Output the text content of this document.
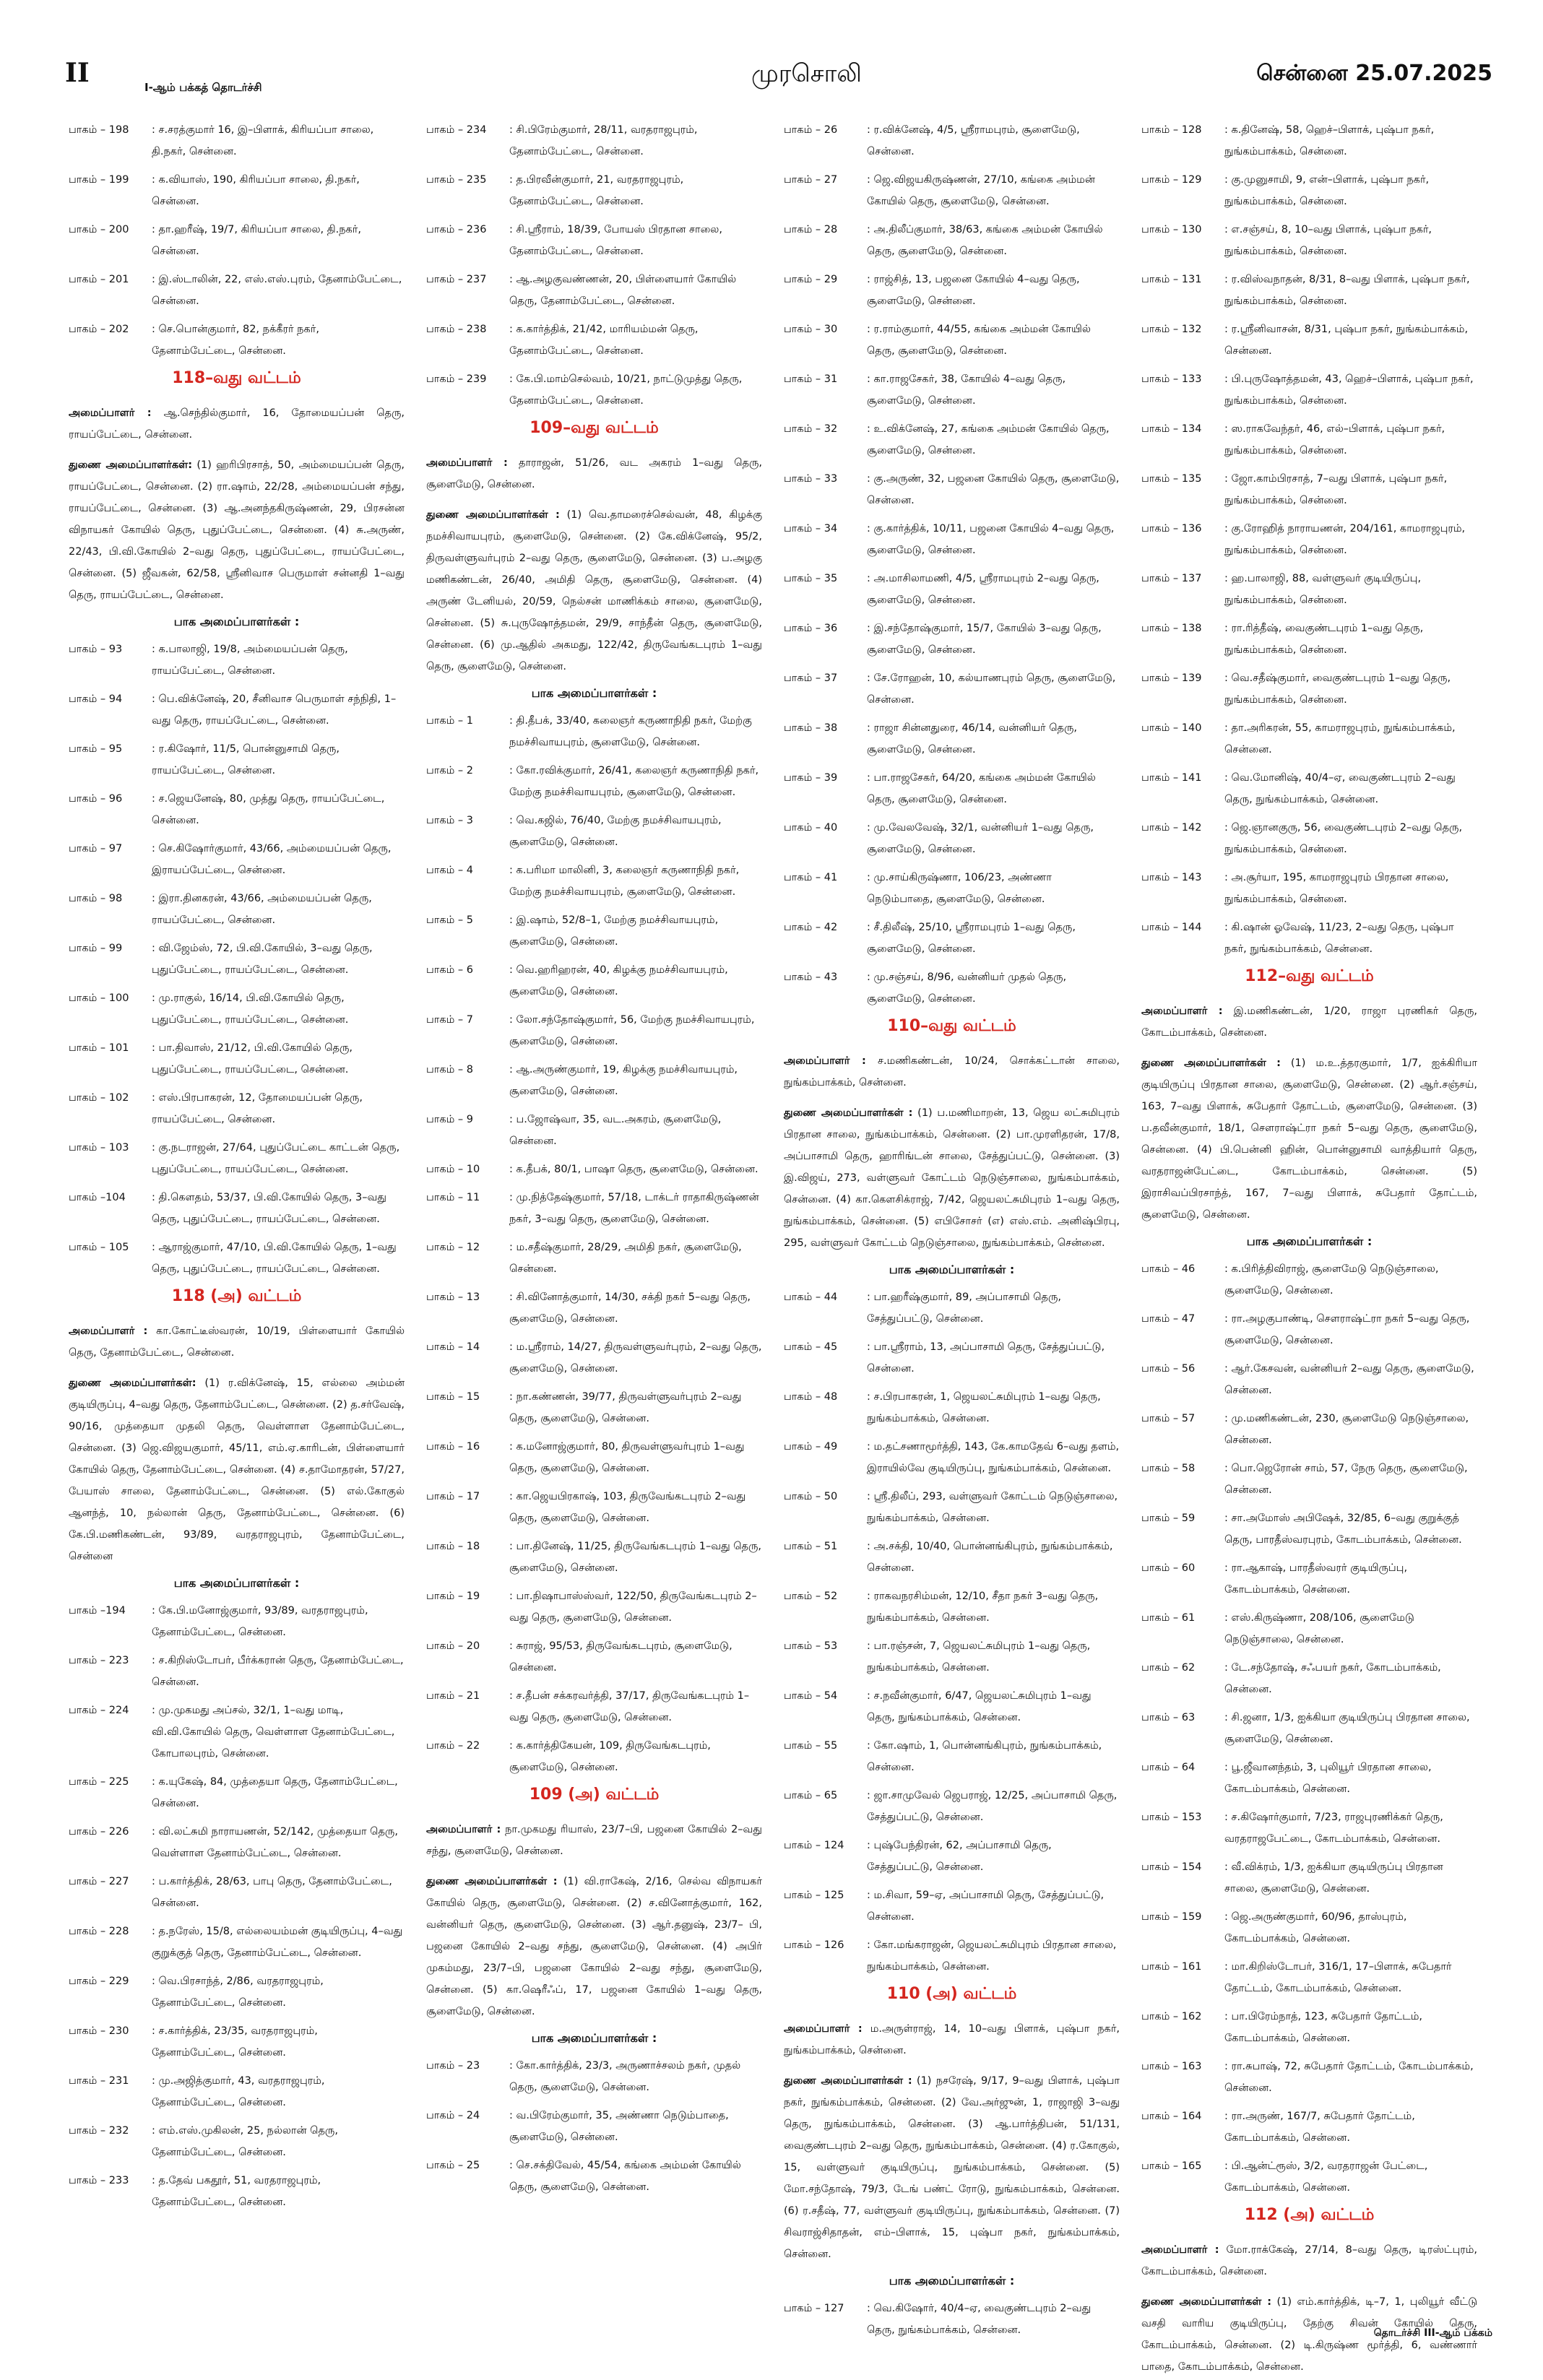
II	I-ஆம் பக்கத் தொடர்ச்சி	முரசொலி	சென்னை 25.07.2025
பாகம் – 198	: ச.சரத்குமார் 16, இ–பிளாக், கிரியப்பா சாலை, தி.நகர், சென்னை.
பாகம் – 199	: க.வியாஸ், 190, கிரியப்பா சாலை, தி.நகர், சென்னை.
பாகம் – 200	: தா.ஹரீஷ், 19/7, கிரியப்பா சாலை, தி.நகர், சென்னை.
பாகம் – 201	: இ.ஸ்டாலின், 22, எஸ்.எஸ்.புரம், தேனாம்பேட்டை, சென்னை.
பாகம் – 202	: செ.பொன்குமார், 82, நக்கீரர் நகர், தேனாம்பேட்டை, சென்னை.
118–வது வட்டம்
அமைப்பாளர் : ஆ.செந்தில்குமார், 16, தோமையப்பன் தெரு, ராயப்பேட்டை, சென்னை.
துணை அமைப்பாளர்கள்: (1) ஹரிபிரசாத், 50, அம்மையப்பன் தெரு, ராயப்பேட்டை, சென்னை. (2) ரா.ஷாம், 22/28, அம்மையப்பன் சந்து, ராயப்பேட்டை, சென்னை. (3) ஆ.அனந்தகிருஷ்ணன், 29, பிரசன்ன விநாயகர் கோயில் தெரு, புதுப்பேட்டை, சென்னை. (4) சு.அருண், 22/43, பி.வி.கோயில் 2–வது தெரு, புதுப்பேட்டை, ராயப்பேட்டை, சென்னை. (5) ஜீவகன், 62/58, ஸ்ரீனிவாச பெருமாள் சன்னதி 1–வது தெரு, ராயப்பேட்டை, சென்னை.
பாக அமைப்பாளர்கள் :
பாகம் – 93	: க.பாலாஜி, 19/8, அம்மையப்பன் தெரு, ராயப்பேட்டை, சென்னை.
பாகம் – 94	: பெ.விக்னேஷ், 20, சீனிவாச பெருமாள் சந்நிதி, 1–வது தெரு, ராயப்பேட்டை, சென்னை.
பாகம் – 95	: ர.கிஷோர், 11/5, பொன்னுசாமி தெரு, ராயப்பேட்டை, சென்னை.
பாகம் – 96	: ச.ஜெயனேஷ், 80, முத்து தெரு, ராயப்பேட்டை, சென்னை.
பாகம் – 97	: செ.கிஷோர்குமார், 43/66, அம்மையப்பன் தெரு, இராயப்பேட்டை, சென்னை.
பாகம் – 98	: இரா.தினகரன், 43/66, அம்மையப்பன் தெரு, ராயப்பேட்டை, சென்னை.
பாகம் – 99	: வி.ஜேம்ஸ், 72, பி.வி.கோயில், 3–வது தெரு, புதுப்பேட்டை, ராயப்பேட்டை, சென்னை.
பாகம் – 100	: மு.ராகுல், 16/14, பி.வி.கோயில் தெரு, புதுப்பேட்டை, ராயப்பேட்டை, சென்னை.
பாகம் – 101	: பா.திவாஸ், 21/12, பி.வி.கோயில் தெரு, புதுப்பேட்டை, ராயப்பேட்டை, சென்னை.
பாகம் – 102	: எஸ்.பிரபாகரன், 12, தோமையப்பன் தெரு, ராயப்பேட்டை, சென்னை.
பாகம் – 103	: கு.நடராஜன், 27/64, புதுப்பேட்டை காட்டன் தெரு, புதுப்பேட்டை, ராயப்பேட்டை, சென்னை.
பாகம் –104	: தி.கௌதம், 53/37, பி.வி.கோயில் தெரு, 3–வது தெரு, புதுப்பேட்டை, ராயப்பேட்டை, சென்னை.
பாகம் – 105	: ஆராஜ்குமார், 47/10, பி.வி.கோயில் தெரு, 1–வது தெரு, புதுப்பேட்டை, ராயப்பேட்டை, சென்னை.
118 (அ) வட்டம்
அமைப்பாளர் : கா.கோட்டீஸ்வரன், 10/19, பிள்ளையார் கோயில் தெரு, தேனாம்பேட்டை, சென்னை.
துணை அமைப்பாளர்கள்: (1) ர.விக்னேஷ், 15, எல்லை அம்மன் குடியிருப்பு, 4–வது தெரு, தேனாம்பேட்டை, சென்னை. (2) த.சர்வேஷ், 90/16, முத்தையா முதலி தெரு, வெள்ளாள தேனாம்பேட்டை, சென்னை. (3) ஜெ.விஜயகுமார், 45/11, எம்.ஏ.காரிடன், பிள்ளையார் கோயில் தெரு, தேனாம்பேட்டை, சென்னை. (4) ச.தாமோதரன், 57/27, பேயாஸ் சாலை, தேனாம்பேட்டை, சென்னை. (5) எல்.கோகுல் ஆனந்த், 10, நல்லான் தெரு, தேனாம்பேட்டை, சென்னை. (6) கே.பி.மணிகண்டன், 93/89, வரதராஜபுரம், தேனாம்பேட்டை, சென்னை
பாக அமைப்பாளர்கள் :
பாகம் –194	: கே.பி.மனோஜ்குமார், 93/89, வரதராஜபுரம், தேனாம்பேட்டை, சென்னை.
பாகம் – 223	: ச.கிறிஸ்டோபர், பீர்க்கரான் தெரு, தேனாம்பேட்டை, சென்னை.
பாகம் – 224	: மு.முகமது அப்சல், 32/1, 1–வது மாடி, வி.வி.கோயில் தெரு, வெள்ளாள தேனாம்பேட்டை, கோபாலபுரம், சென்னை.
பாகம் – 225	: க.யுகேஷ், 84, முத்தையா தெரு, தேனாம்பேட்டை, சென்னை.
பாகம் – 226	: வி.லட்சுமி நாராயணன், 52/142, முத்தையா தெரு, வெள்ளாள தேனாம்பேட்டை, சென்னை.
பாகம் – 227	: ப.கார்த்திக், 28/63, பாபு தெரு, தேனாம்பேட்டை, சென்னை.
பாகம் – 228	: த.நரேஸ், 15/8, எல்லையம்மன் குடியிருப்பு, 4–வது குறுக்குத் தெரு, தேனாம்பேட்டை, சென்னை.
பாகம் – 229	: வெ.பிரசாந்த், 2/86, வரதராஜபுரம், தேனாம்பேட்டை, சென்னை.
பாகம் – 230	: ச.கார்த்திக், 23/35, வரதராஜபுரம், தேனாம்பேட்டை, சென்னை.
பாகம் – 231	: மு.அஜித்குமார், 43, வரதராஜபுரம், தேனாம்பேட்டை, சென்னை.
பாகம் – 232	: எம்.எஸ்.முகிலன், 25, நல்லான் தெரு, தேனாம்பேட்டை, சென்னை.
பாகம் – 233	: த.தேவ் பகதூர், 51, வரதராஜபுரம், தேனாம்பேட்டை, சென்னை.
பாகம் – 234	: சி.பிரேம்குமார், 28/11, வரதராஜபுரம், தேனாம்பேட்டை, சென்னை.
பாகம் – 235	: த.பிரவீன்குமார், 21, வரதராஜபுரம், தேனாம்பேட்டை, சென்னை.
பாகம் – 236	: சி.ஸ்ரீராம், 18/39, போயஸ் பிரதான சாலை, தேனாம்பேட்டை, சென்னை.
பாகம் – 237	: ஆ.அழகுவண்ணன், 20, பிள்ளையார் கோயில் தெரு, தேனாம்பேட்டை, சென்னை.
பாகம் – 238	: க.கார்த்திக், 21/42, மாரியம்மன் தெரு, தேனாம்பேட்டை, சென்னை.
பாகம் – 239	: கே.பி.மாம்செல்வம், 10/21, நாட்டுமுத்து தெரு, தேனாம்பேட்டை, சென்னை.
109–வது வட்டம்
அமைப்பாளர் : தாராஜன், 51/26, வட அகரம் 1–வது தெரு, சூளைமேடு, சென்னை.
துணை அமைப்பாளர்கள் : (1) வெ.தாமரைச்செல்வன், 48, கிழக்கு நமச்சிவாயபுரம், சூளைமேடு, சென்னை. (2) கே.விக்னேஷ், 95/2, திருவள்ளுவர்புரம் 2–வது தெரு, சூளைமேடு, சென்னை. (3) ப.அழகு மணிகண்டன், 26/40, அமிதி தெரு, சூளைமேடு, சென்னை. (4) அருண் டேனியல், 20/59, நெல்சன் மாணிக்கம் சாலை, சூளைமேடு, சென்னை. (5) சு.புருஷோத்தமன், 29/9, சாந்தீன் தெரு, சூளைமேடு, சென்னை. (6) மு.ஆதில் அகமது, 122/42, திருவேங்கடபுரம் 1–வது தெரு, சூளைமேடு, சென்னை.
பாக அமைப்பாளர்கள் :
பாகம் – 1	: தி.தீபக், 33/40, கலைஞர் கருணாநிதி நகர், மேற்கு நமச்சிவாயபுரம், சூளைமேடு, சென்னை.
பாகம் – 2	: கோ.ரவிக்குமார், 26/41, கலைஞர் கருணாநிதி நகர், மேற்கு நமச்சிவாயபுரம், சூளைமேடு, சென்னை.
பாகம் – 3	: வெ.கஜில், 76/40, மேற்கு நமச்சிவாயபுரம், சூளைமேடு, சென்னை.
பாகம் – 4	: க.பரிமா மாலினி, 3, கலைஞர் கருணாநிதி நகர், மேற்கு நமச்சிவாயபுரம், சூளைமேடு, சென்னை.
பாகம் – 5	: இ.ஷாம், 52/8–1, மேற்கு நமச்சிவாயபுரம், சூளைமேடு, சென்னை.
பாகம் – 6	: வெ.ஹரிஹரன், 40, கிழக்கு நமச்சிவாயபுரம், சூளைமேடு, சென்னை.
பாகம் – 7	: லோ.சந்தோஷ்குமார், 56, மேற்கு நமச்சிவாயபுரம், சூளைமேடு, சென்னை.
பாகம் – 8	: ஆ.அருண்குமார், 19, கிழக்கு நமச்சிவாயபுரம், சூளைமேடு, சென்னை.
பாகம் – 9	: ப.ஜோஷ்வா, 35, வட.அகரம், சூளைமேடு, சென்னை.
பாகம் – 10	: க.தீபக், 80/1, பாஷா தெரு, சூளைமேடு, சென்னை.
பாகம் – 11	: மு.நித்தேஷ்குமார், 57/18, டாக்டர் ராதாகிருஷ்ணன் நகர், 3–வது தெரு, சூளைமேடு, சென்னை.
பாகம் – 12	: ம.சதீஷ்குமார், 28/29, அமிதி நகர், சூளைமேடு, சென்னை.
பாகம் – 13	: சி.வினோத்குமார், 14/30, சக்தி நகர் 5–வது தெரு, சூளைமேடு, சென்னை.
பாகம் – 14	: ம.ஸ்ரீராம், 14/27, திருவள்ளுவர்புரம், 2–வது தெரு, சூளைமேடு, சென்னை.
பாகம் – 15	: நா.கண்ணன், 39/77, திருவள்ளுவர்புரம் 2–வது தெரு, சூளைமேடு, சென்னை.
பாகம் – 16	: க.மனோஜ்குமார், 80, திருவள்ளுவர்புரம் 1–வது தெரு, சூளைமேடு, சென்னை.
பாகம் – 17	: கா.ஜெயபிரகாஷ், 103, திருவேங்கடபுரம் 2–வது தெரு, சூளைமேடு, சென்னை.
பாகம் – 18	: பா.தினேஷ், 11/25, திருவேங்கடபுரம் 1–வது தெரு, சூளைமேடு, சென்னை.
பாகம் – 19	: பா.நிஷாபாஸ்ஸ்வர், 122/50, திருவேங்கடபுரம் 2–வது தெரு, சூளைமேடு, சென்னை.
பாகம் – 20	: சுராஜ், 95/53, திருவேங்கடபுரம், சூளைமேடு, சென்னை.
பாகம் – 21	: ச.தீபன் சக்கரவர்த்தி, 37/17, திருவேங்கடபுரம் 1–வது தெரு, சூளைமேடு, சென்னை.
பாகம் – 22	: க.கார்த்திகேயன், 109, திருவேங்கடபுரம், சூளைமேடு, சென்னை.
109 (அ) வட்டம்
அமைப்பாளர் : நா.முகமது ரியாஸ், 23/7–பி, பஜனை கோயில் 2–வது சந்து, சூளைமேடு, சென்னை.
துணை அமைப்பாளர்கள் : (1) வி.ராகேஷ், 2/16, செல்வ விநாயகர் கோயில் தெரு, சூளைமேடு, சென்னை. (2) ச.வினோத்குமார், 162, வன்னியர் தெரு, சூளைமேடு, சென்னை. (3) ஆர்.தனுஷ், 23/7– பி, பஜனை கோயில் 2–வது சந்து, சூளைமேடு, சென்னை. (4) அபிர் முகம்மது, 23/7–பி, பஜனை கோயில் 2–வது சந்து, சூளைமேடு, சென்னை. (5) கா.ஷெரீஃப், 17, பஜனை கோயில் 1–வது தெரு, சூளைமேடு, சென்னை.
பாக அமைப்பாளர்கள் :
பாகம் – 23	: கோ.கார்த்திக், 23/3, அருணாச்சலம் நகர், முதல் தெரு, சூளைமேடு, சென்னை.
பாகம் – 24	: வ.பிரேம்குமார், 35, அண்ணா நெடும்பாதை, சூளைமேடு, சென்னை.
பாகம் – 25	: செ.சக்திவேல், 45/54, கங்கை அம்மன் கோயில் தெரு, சூளைமேடு, சென்னை.
பாகம் – 26	: ர.விக்னேஷ், 4/5, ஸ்ரீராமபுரம், சூளைமேடு, சென்னை.
பாகம் – 27	: ஜெ.விஜயகிருஷ்ணன், 27/10, கங்கை அம்மன் கோயில் தெரு, சூளைமேடு, சென்னை.
பாகம் – 28	: அ.திலீப்குமார், 38/63, கங்கை அம்மன் கோயில் தெரு, சூளைமேடு, சென்னை.
பாகம் – 29	: ராஜ்சித், 13, பஜனை கோயில் 4–வது தெரு, சூளைமேடு, சென்னை.
பாகம் – 30	: ர.ராம்குமார், 44/55, கங்கை அம்மன் கோயில் தெரு, சூளைமேடு, சென்னை.
பாகம் – 31	: கா.ராஜசேகர், 38, கோயில் 4–வது தெரு, சூளைமேடு, சென்னை.
பாகம் – 32	: உ.விக்னேஷ், 27, கங்கை அம்மன் கோயில் தெரு, சூளைமேடு, சென்னை.
பாகம் – 33	: கு.அருண், 32, பஜனை கோயில் தெரு, சூளைமேடு, சென்னை.
பாகம் – 34	: கு.கார்த்திக், 10/11, பஜனை கோயில் 4–வது தெரு, சூளைமேடு, சென்னை.
பாகம் – 35	: அ.மாசிலாமணி, 4/5, ஸ்ரீராமபுரம் 2–வது தெரு, சூளைமேடு, சென்னை.
பாகம் – 36	: இ.சந்தோஷ்குமார், 15/7, கோயில் 3–வது தெரு, சூளைமேடு, சென்னை.
பாகம் – 37	: சே.ரோஹன், 10, கல்யாணபுரம் தெரு, சூளைமேடு, சென்னை.
பாகம் – 38	: ராஜா சின்னதுரை, 46/14, வன்னியர் தெரு, சூளைமேடு, சென்னை.
பாகம் – 39	: பா.ராஜசேகர், 64/20, கங்கை அம்மன் கோயில் தெரு, சூளைமேடு, சென்னை.
பாகம் – 40	: மு.வேலவேஷ், 32/1, வன்னியர் 1–வது தெரு, சூளைமேடு, சென்னை.
பாகம் – 41	: மு.சாய்கிருஷ்ணா, 106/23, அண்ணா நெடும்பாதை, சூளைமேடு, சென்னை.
பாகம் – 42	: சீ.திலீஷ், 25/10, ஸ்ரீராமபுரம் 1–வது தெரு, சூளைமேடு, சென்னை.
பாகம் – 43	: மு.சஞ்சய், 8/96, வன்னியர் முதல் தெரு, சூளைமேடு, சென்னை.
110–வது வட்டம்
அமைப்பாளர் : ச.மணிகண்டன், 10/24, சொக்கட்டான் சாலை, நுங்கம்பாக்கம், சென்னை.
துணை அமைப்பாளர்கள் : (1) ப.மணிமாறன், 13, ஜெய லட்சுமிபுரம் பிரதான சாலை, நுங்கம்பாக்கம், சென்னை. (2) பா.முரளிதரன், 17/8, அப்பாசாமி தெரு, ஹாரிங்டன் சாலை, சேத்துப்பட்டு, சென்னை. (3) இ.விஜய், 273, வள்ளுவர் கோட்டம் நெடுஞ்சாலை, நுங்கம்பாக்கம், சென்னை. (4) கா.கௌசிக்ராஜ், 7/42, ஜெயலட்சுமிபுரம் 1–வது தெரு, நுங்கம்பாக்கம், சென்னை. (5) எபிசோசர் (எ) எஸ்.எம். அனிஷ்பிரபு, 295, வள்ளுவர் கோட்டம் நெடுஞ்சாலை, நுங்கம்பாக்கம், சென்னை.
பாக அமைப்பாளர்கள் :
பாகம் – 44	: பா.ஹரீஷ்குமார், 89, அப்பாசாமி தெரு, சேத்துப்பட்டு, சென்னை.
பாகம் – 45	: பா.ஸ்ரீராம், 13, அப்பாசாமி தெரு, சேத்துப்பட்டு, சென்னை.
பாகம் – 48	: ச.பிரபாகரன், 1, ஜெயலட்சுமிபுரம் 1–வது தெரு, நுங்கம்பாக்கம், சென்னை.
பாகம் – 49	: ம.தட்சணாமூர்த்தி, 143, கே.காமதேவ் 6–வது தளம், இராயில்வே குடியிருப்பு, நுங்கம்பாக்கம், சென்னை.
பாகம் – 50	: ஸ்ரீ.திலீப், 293, வள்ளுவர் கோட்டம் நெடுஞ்சாலை, நுங்கம்பாக்கம், சென்னை.
பாகம் – 51	: அ.சக்தி, 10/40, பொன்னங்கிபுரம், நுங்கம்பாக்கம், சென்னை.
பாகம் – 52	: ராகவநரசிம்மன், 12/10, சீதா நகர் 3–வது தெரு, நுங்கம்பாக்கம், சென்னை.
பாகம் – 53	: பா.ரஞ்சன், 7, ஜெயலட்சுமிபுரம் 1–வது தெரு, நுங்கம்பாக்கம், சென்னை.
பாகம் – 54	: ச.நவீன்குமார், 6/47, ஜெயலட்சுமிபுரம் 1–வது தெரு, நுங்கம்பாக்கம், சென்னை.
பாகம் – 55	: கோ.ஷாம், 1, பொன்னங்கிபுரம், நுங்கம்பாக்கம், சென்னை.
பாகம் – 65	: ஜா.சாமுவேல் ஜெபராஜ், 12/25, அப்பாசாமி தெரு, சேத்துப்பட்டு, சென்னை.
பாகம் – 124	: புஷ்பேந்திரன், 62, அப்பாசாமி தெரு, சேத்துப்பட்டு, சென்னை.
பாகம் – 125	: ம.சிவா, 59–ஏ, அப்பாசாமி தெரு, சேத்துப்பட்டு, சென்னை.
பாகம் – 126	: கோ.மங்கராஜன், ஜெயலட்சுமிபுரம் பிரதான சாலை, நுங்கம்பாக்கம், சென்னை.
110 (அ) வட்டம்
அமைப்பாளர் : ம.அருள்ராஜ், 14, 10–வது பிளாக், புஷ்பா நகர், நுங்கம்பாக்கம், சென்னை.
துணை அமைப்பாளர்கள் : (1) நசரேஷ், 9/17, 9–வது பிளாக், புஷ்பா நகர், நுங்கம்பாக்கம், சென்னை. (2) வே.அர்ஜுன், 1, ராஜாஜி 3–வது தெரு, நுங்கம்பாக்கம், சென்னை. (3) ஆ.பார்த்திபன், 51/131, வைகுண்டபுரம் 2–வது தெரு, நுங்கம்பாக்கம், சென்னை. (4) ர.கோகுல், 15, வள்ளுவர் குடியிருப்பு, நுங்கம்பாக்கம், சென்னை. (5) மோ.சந்தோஷ், 79/3, டேங் பண்ட் ரோடு, நுங்கம்பாக்கம், சென்னை. (6) ர.சதீஷ், 77, வள்ளுவர் குடியிருப்பு, நுங்கம்பாக்கம், சென்னை. (7) சிவராஜ்சிதாதன், எம்–பிளாக், 15, புஷ்பா நகர், நுங்கம்பாக்கம், சென்னை.
பாக அமைப்பாளர்கள் :
பாகம் – 127	: வெ.கிஷோர், 40/4–ஏ, வைகுண்டபுரம் 2–வது தெரு, நுங்கம்பாக்கம், சென்னை.
பாகம் – 128	: க.தினேஷ், 58, ஹெச்–பிளாக், புஷ்பா நகர், நுங்கம்பாக்கம், சென்னை.
பாகம் – 129	: கு.முனுசாமி, 9, என்–பிளாக், புஷ்பா நகர், நுங்கம்பாக்கம், சென்னை.
பாகம் – 130	: எ.சஞ்சய், 8, 10–வது பிளாக், புஷ்பா நகர், நுங்கம்பாக்கம், சென்னை.
பாகம் – 131	: ர.விஸ்வநாதன், 8/31, 8–வது பிளாக், புஷ்பா நகர், நுங்கம்பாக்கம், சென்னை.
பாகம் – 132	: ர.ஸ்ரீனிவாசன், 8/31, புஷ்பா நகர், நுங்கம்பாக்கம், சென்னை.
பாகம் – 133	: பி.புருஷோத்தமன், 43, ஹெச்–பிளாக், புஷ்பா நகர், நுங்கம்பாக்கம், சென்னை.
பாகம் – 134	: ஸ.ராகவேந்தர், 46, எல்–பிளாக், புஷ்பா நகர், நுங்கம்பாக்கம், சென்னை.
பாகம் – 135	: ஜோ.காம்பிரசாத், 7–வது பிளாக், புஷ்பா நகர், நுங்கம்பாக்கம், சென்னை.
பாகம் – 136	: கு.ரோஹித் நாராயணன், 204/161, காமராஜபுரம், நுங்கம்பாக்கம், சென்னை.
பாகம் – 137	: ஹ.பாலாஜி, 88, வள்ளுவர் குடியிருப்பு, நுங்கம்பாக்கம், சென்னை.
பாகம் – 138	: ரா.ரித்தீஷ், வைகுண்டபுரம் 1–வது தெரு, நுங்கம்பாக்கம், சென்னை.
பாகம் – 139	: வெ.சதீஷ்குமார், வைகுண்டபுரம் 1–வது தெரு, நுங்கம்பாக்கம், சென்னை.
பாகம் – 140	: தா.அரிகரன், 55, காமராஜபுரம், நுங்கம்பாக்கம், சென்னை.
பாகம் – 141	: வெ.மோனிஷ், 40/4–ஏ, வைகுண்டபுரம் 2–வது தெரு, நுங்கம்பாக்கம், சென்னை.
பாகம் – 142	: ஜெ.ஞானகுரு, 56, வைகுண்டபுரம் 2–வது தெரு, நுங்கம்பாக்கம், சென்னை.
பாகம் – 143	: அ.சூர்யா, 195, காமராஜபுரம் பிரதான சாலை, நுங்கம்பாக்கம், சென்னை.
பாகம் – 144	: கி.ஷான் ஓவேஷ், 11/23, 2–வது தெரு, புஷ்பா நகர், நுங்கம்பாக்கம், சென்னை.
112–வது வட்டம்
அமைப்பாளர் : இ.மணிகண்டன், 1/20, ராஜா புரணிகர் தெரு, கோடம்பாக்கம், சென்னை.
துணை அமைப்பாளர்கள் : (1) ம.உ.த்தரகுமார், 1/7, ஐக்கிரியா குடியிருப்பு பிரதான சாலை, சூளைமேடு, சென்னை. (2) ஆர்.சஞ்சய், 163, 7–வது பிளாக், சுபேதார் தோட்டம், சூளைமேடு, சென்னை. (3) ப.தவீன்குமார், 18/1, சௌராஷ்ட்ரா நகர் 5–வது தெரு, சூளைமேடு, சென்னை. (4) பி.பென்னி ஹின், பொன்னுசாமி வாத்தியார் தெரு, வரதராஜன்பேட்டை, கோடம்பாக்கம், சென்னை. (5) இராசிவப்பிரசாந்த், 167, 7–வது பிளாக், சுபேதார் தோட்டம், சூளைமேடு, சென்னை.
பாக அமைப்பாளர்கள் :
பாகம் – 46	: க.பிரித்திவிராஜ், சூளைமேடு நெடுஞ்சாலை, சூளைமேடு, சென்னை.
பாகம் – 47	: ரா.அழகுபாண்டி, சௌராஷ்ட்ரா நகர் 5–வது தெரு, சூளைமேடு, சென்னை.
பாகம் – 56	: ஆர்.கேசவன், வன்னியர் 2–வது தெரு, சூளைமேடு, சென்னை.
பாகம் – 57	: மு.மணிகண்டன், 230, சூளைமேடு நெடுஞ்சாலை, சென்னை.
பாகம் – 58	: பொ.ஜெரோன் சாம், 57, நேரு தெரு, சூளைமேடு, சென்னை.
பாகம் – 59	: சா.அமோஸ் அபிஷேக், 32/85, 6–வது குறுக்குத் தெரு, பாரதீஸ்வரபுரம், கோடம்பாக்கம், சென்னை.
பாகம் – 60	: ரா.ஆகாஷ், பாரதீஸ்வரர் குடியிருப்பு, கோடம்பாக்கம், சென்னை.
பாகம் – 61	: எஸ்.கிருஷ்ணா, 208/106, சூளைமேடு நெடுஞ்சாலை, சென்னை.
பாகம் – 62	: டே.சந்தோஷ், சஃபயர் நகர், கோடம்பாக்கம், சென்னை.
பாகம் – 63	: சி.ஜனா, 1/3, ஐக்கியா குடியிருப்பு பிரதான சாலை, சூளைமேடு, சென்னை.
பாகம் – 64	: பூ.ஜீவானந்தம், 3, புலியூர் பிரதான சாலை, கோடம்பாக்கம், சென்னை.
பாகம் – 153	: ச.கிஷோர்குமார், 7/23, ராஜபுரணிக்கர் தெரு, வரதராஜபேட்டை, கோடம்பாக்கம், சென்னை.
பாகம் – 154	: வீ.விக்ரம், 1/3, ஐக்கியா குடியிருப்பு பிரதான சாலை, சூளைமேடு, சென்னை.
பாகம் – 159	: ஜெ.அருண்குமார், 60/96, தாஸ்புரம், கோடம்பாக்கம், சென்னை.
பாகம் – 161	: மா.கிறிஸ்டோபர், 316/1, 17–பிளாக், சுபேதார் தோட்டம், கோடம்பாக்கம், சென்னை.
பாகம் – 162	: பா.பிரேம்நாத், 123, சுபேதார் தோட்டம், கோடம்பாக்கம், சென்னை.
பாகம் – 163	: ரா.சுபாஷ், 72, சுபேதார் தோட்டம், கோடம்பாக்கம், சென்னை.
பாகம் – 164	: ரா.அருண், 167/7, சுபேதார் தோட்டம், கோடம்பாக்கம், சென்னை.
பாகம் – 165	: பி.ஆன்ட்ரூஸ், 3/2, வரதராஜன் பேட்டை, கோடம்பாக்கம், சென்னை.
112 (அ) வட்டம்
அமைப்பாளர் : மோ.ராக்கேஷ், 27/14, 8–வது தெரு, டிரஸ்ட்புரம், கோடம்பாக்கம், சென்னை.
துணை அமைப்பாளர்கள் : (1) எம்.கார்த்திக், டி–7, 1, புலியூர் வீட்டு வசதி வாரிய குடியிருப்பு, தேற்கு சிவன் கோயில் தெரு, கோடம்பாக்கம், சென்னை. (2) டி.கிருஷ்ண மூர்த்தி, 6, வண்ணார் பாதை, கோடம்பாக்கம், சென்னை.
தொடர்ச்சி III-ஆம் பக்கம்
